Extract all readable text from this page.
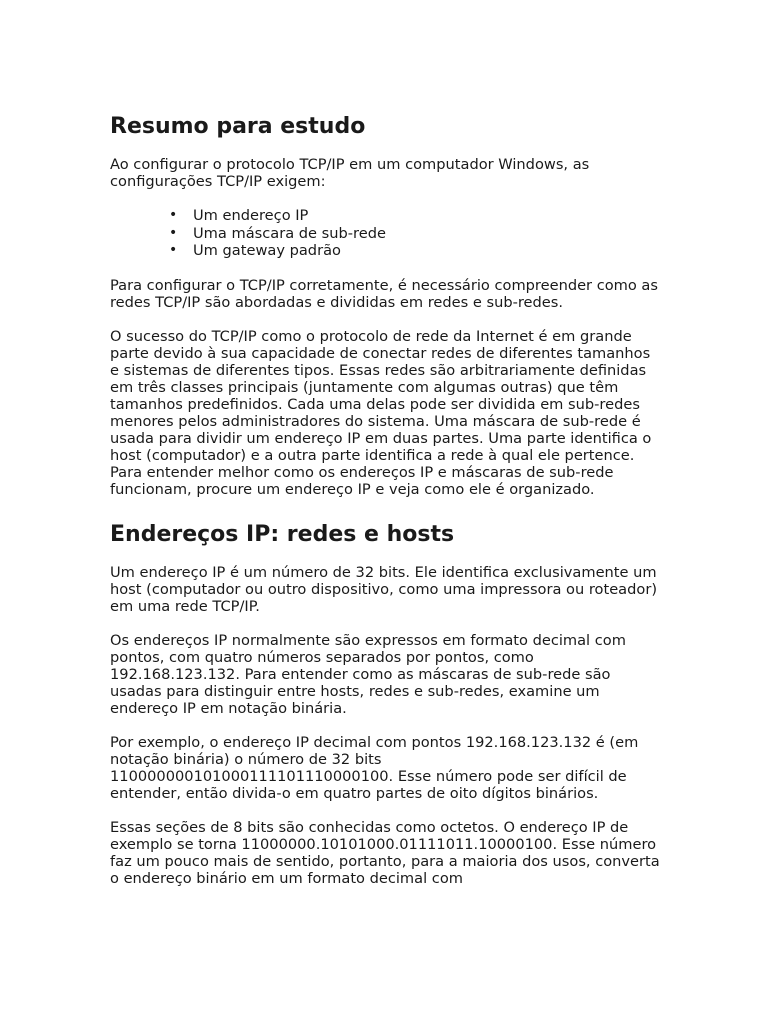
Resumo para estudo

Ao configurar o protocolo TCP/IP em um computador Windows, as configurações TCP/IP exigem:

• Um endereço IP
• Uma máscara de sub-rede
• Um gateway padrão

Para configurar o TCP/IP corretamente, é necessário compreender como as redes TCP/IP são abordadas e divididas em redes e sub-redes.

O sucesso do TCP/IP como o protocolo de rede da Internet é em grande parte devido à sua capacidade de conectar redes de diferentes tamanhos e sistemas de diferentes tipos. Essas redes são arbitrariamente definidas em três classes principais (juntamente com algumas outras) que têm tamanhos predefinidos. Cada uma delas pode ser dividida em sub-redes menores pelos administradores do sistema. Uma máscara de sub-rede é usada para dividir um endereço IP em duas partes. Uma parte identifica o host (computador) e a outra parte identifica a rede à qual ele pertence. Para entender melhor como os endereços IP e máscaras de sub-rede funcionam, procure um endereço IP e veja como ele é organizado.

Endereços IP: redes e hosts

Um endereço IP é um número de 32 bits. Ele identifica exclusivamente um host (computador ou outro dispositivo, como uma impressora ou roteador) em uma rede TCP/IP.

Os endereços IP normalmente são expressos em formato decimal com pontos, com quatro números separados por pontos, como 192.168.123.132. Para entender como as máscaras de sub-rede são usadas para distinguir entre hosts, redes e sub-redes, examine um endereço IP em notação binária.

Por exemplo, o endereço IP decimal com pontos 192.168.123.132 é (em notação binária) o número de 32 bits 110000000101000111101110000100. Esse número pode ser difícil de entender, então divida-o em quatro partes de oito dígitos binários.

Essas seções de 8 bits são conhecidas como octetos. O endereço IP de exemplo se torna 11000000.10101000.01111011.10000100. Esse número faz um pouco mais de sentido, portanto, para a maioria dos usos, converta o endereço binário em um formato decimal com
